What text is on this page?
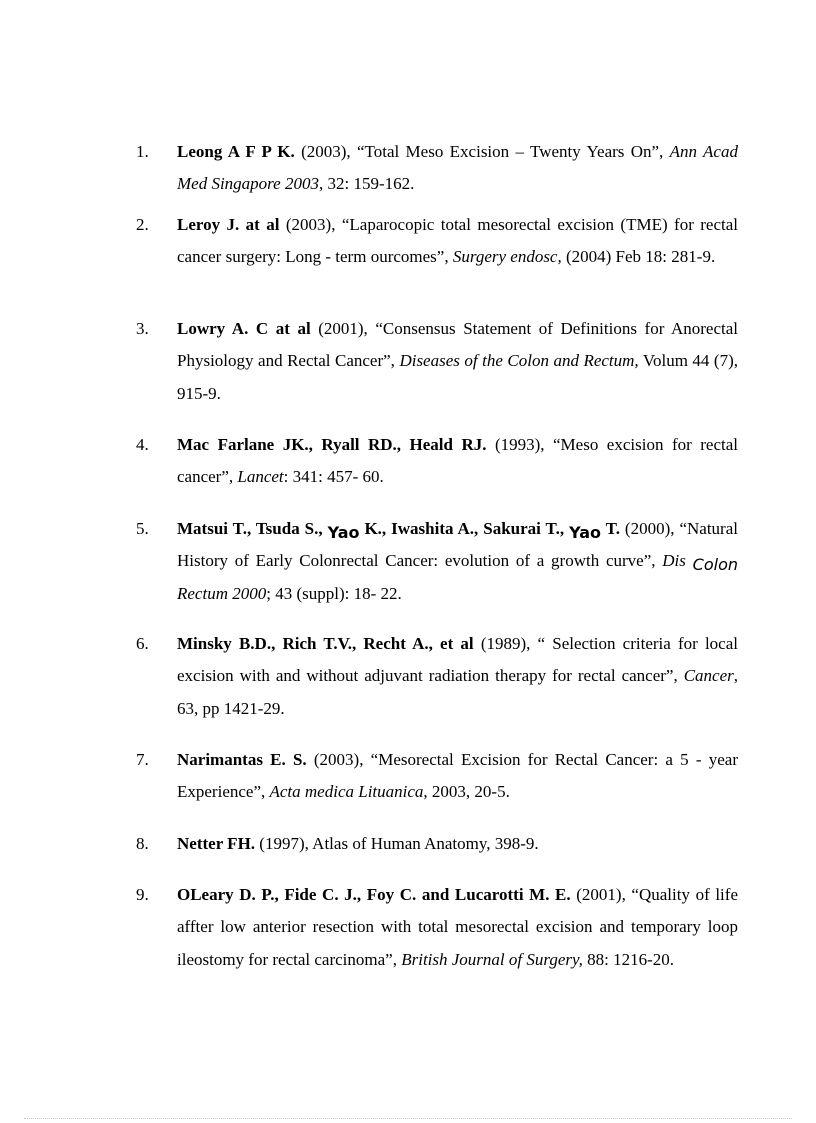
1.	Leong A F P K. (2003), “Total Meso Excision – Twenty Years On”, Ann Acad Med Singapore 2003, 32: 159-162.
2.	Leroy J. at al (2003), “Laparocopic total mesorectal excision (TME) for rectal cancer surgery: Long - term ourcomes”, Surgery endosc, (2004) Feb 18: 281-9.
3.	Lowry A. C at al (2001), “Consensus Statement of Definitions for Anorectal Physiology and Rectal Cancer”, Diseases of the Colon and Rectum, Volum 44 (7), 915-9.
4.	Mac Farlane JK., Ryall RD., Heald RJ. (1993), “Meso excision for rectal cancer”, Lancet: 341: 457- 60.
5.	Matsui T., Tsuda S., Yao K., Iwashita A., Sakurai T., Yao T. (2000), “Natural History of Early Colonrectal Cancer: evolution of a growth curve”, Dis Colon Rectum 2000; 43 (suppl): 18- 22.
6.	Minsky B.D., Rich T.V., Recht A., et al (1989), “ Selection criteria for local excision with and without adjuvant radiation therapy for rectal cancer”, Cancer, 63, pp 1421-29.
7.	Narimantas E. S. (2003), “Mesorectal Excision for Rectal Cancer: a 5 - year Experience”, Acta medica Lituanica, 2003, 20-5.
8.	Netter FH. (1997), Atlas of Human Anatomy, 398-9.
9.	OLeary D. P., Fide C. J., Foy C. and Lucarotti M. E. (2001), “Quality of life affter low anterior resection with total mesorectal excision and temporary loop ileostomy for rectal carcinoma”, British Journal of Surgery, 88: 1216-20.
